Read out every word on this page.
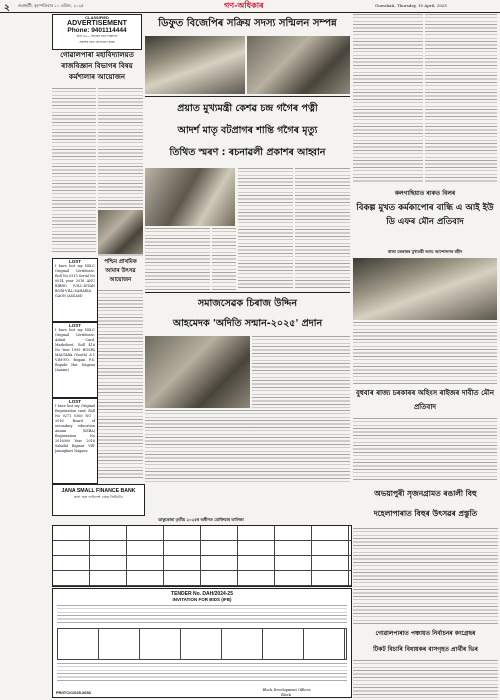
২ গুৱাহাটী, বৃহস্পতিবাৰ ১০ এপ্ৰিল, ২০২৫	গণ-অধিকাৰ	Guwahati, Thursday, 10 April, 2025
CLASSIFIED
ADVERTISEMENT
Phone: 9401114444
নিত্য ৪০— আখৰৰ বাবে বিজ্ঞাপন
প্ৰকাশৰ বাবে যোগাযোগ কৰক
গোৱালপাৰা মহাবিদ্যালয়ত ৰাজবিজ্ঞান বিভাগৰ বিষয় কৰ্মশালাৰ আয়োজন
LOST
I have lost my HSLC Original Certificate. Roll No 0315 Serial No 0014 year 2016 ANU BIBRO (VILL-DIYAN BORI-VILL-SAHARIA GAON (ASSAM)
LOST
I have lost my HSLC Original Certificate, Admit Card, Marksheet, Roll 416 No Year 1999 HOSPA MALTABA (South) A-1 VIM-P.O. Bogam P.S. Rupahi Hat Nagaon (Assam)
LOST
I have lost my Original Registration card, Roll No 0271 0360 NO : 2016 Board of secondary education Assam (SEBA) Registration No 2016000 Year 2016 Sahidul Rajmar Vill-Jamughuri Nagaon
পশ্চিম প্ৰাথমিক আমাৰ উৎসৱ আয়োজন
JANA SMALL FINANCE BANK
জনা স্মল ফাইনেন্স বেংক লিমিটেড
ডিফুত বিজেপিৰ সক্ৰিয় সদস্য সন্মিলন সম্পন্ন
প্ৰয়াত মুখ্যমন্ত্ৰী কেশৱ চন্দ্ৰ গগৈৰ পত্নী
আদৰ্শ মাতৃ বটপ্ৰাগৰ শান্তি গগৈৰ মৃত্যু
তিথিত স্মৰণ : ৰচনাৱলী প্ৰকাশৰ আহ্বান
কলগাছিয়াত ৰাকত বিলৰ
বিকল্প মুখত কৰ্মকাপোৰ বান্ধি এ আই ইউ ডি এফৰ মৌন প্ৰতিবাদ
ৰাজ্য চৰকাৰৰ মুখ্যমন্ত্ৰী অসম আন্দোলনৰ শ্বহীদ
বুধবাৰ ৰাজ্য চৰকাৰৰ অহিংস ৰাইজৰ দাবীত মৌন প্ৰতিবাদ
সমাজসেৱক চিৰাজ উদ্দিন
আহমেদক 'অদিতি সন্মান-২০২৫' প্ৰদান
ডাকুকোৰা তৃতীয় ২০২৫ৰ অধীনত মোক্তিয়াৰ তালিকা
TENDER No. DAH/2024-25
INVITATION FOR BIDS (IFB)
PR/ITC/C/025.2653	Block Development Officer,
Block
অভয়াপুৰী সৃজনগ্ৰামত ৰঙালী বিহু
দহেলাপাৰাত বিহুৰ উৎসৱৰ প্ৰস্তুতি
গোৱালপাৰাত পঞ্চায়ত নিৰ্বাচনৰ কংগ্ৰেছৰ
টিকট বিচাৰি বিধায়কৰ বাসগৃহত প্ৰাৰ্থীৰ ভিৰ
